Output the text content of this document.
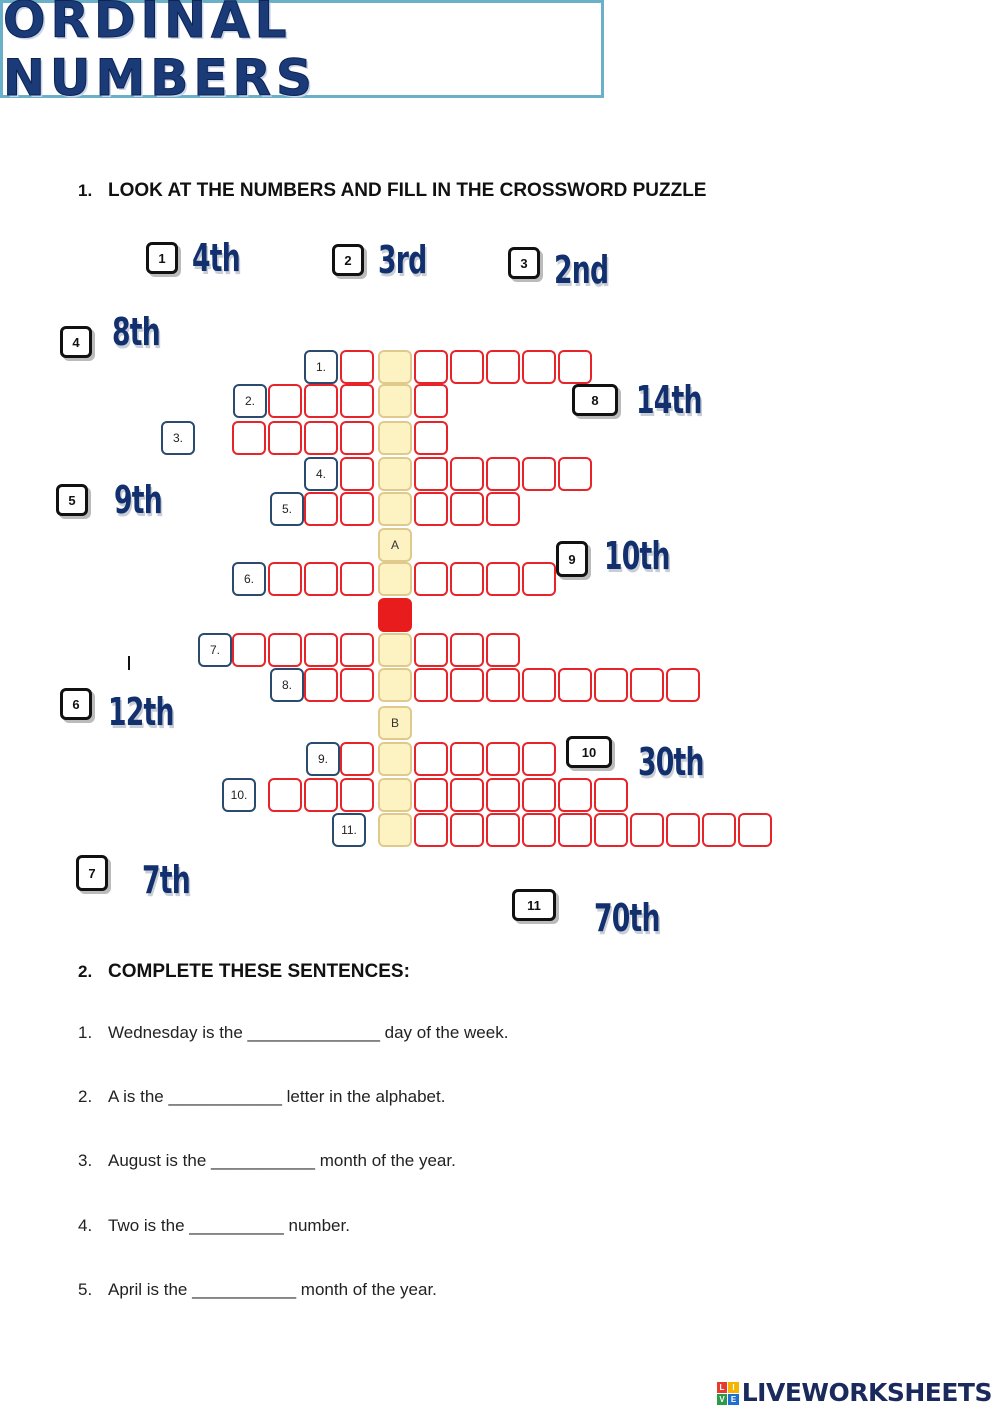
ORDINAL NUMBERS
1. LOOK AT THE NUMBERS AND FILL IN THE CROSSWORD PUZZLE
1 4th	2 3rd	3 2nd
4 8th
5	9th
6 12th
7	7th
8 14th
9 10th
10	30th
11	70th
1.
2.
3.
4.
5.
6.
7.
8.
9.
10.
11.
A
B
2. COMPLETE THESE SENTENCES:
1. Wednesday is the ______________ day of the week.
2. A is the ____________ letter in the alphabet.
3. August is the ___________ month of the year.
4. Two is the __________ number.
5. April is the ___________ month of the year.
L I
V E LIVEWORKSHEETS
